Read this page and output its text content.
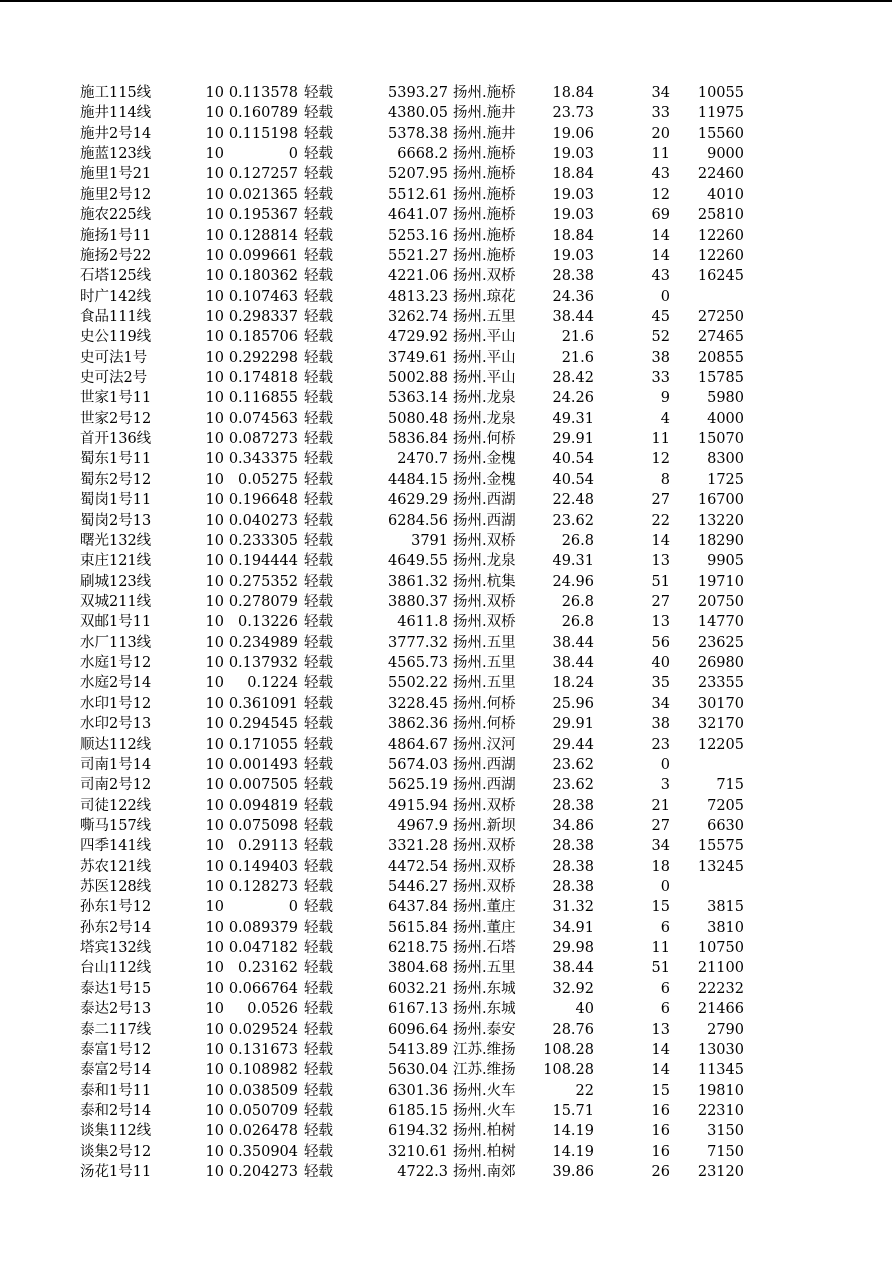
施工115线	10 0.113578 轻载	5393.27 扬州.施桥	18.84	34	10055
施井114线	10 0.160789 轻载	4380.05 扬州.施井	23.73	33	11975
施井2号14	10 0.115198 轻载	5378.38 扬州.施井	19.06	20	15560
施蓝123线	10	0 轻载	6668.2 扬州.施桥	19.03	11	9000
施里1号21	10 0.127257 轻载	5207.95 扬州.施桥	18.84	43	22460
施里2号12	10 0.021365 轻载	5512.61 扬州.施桥	19.03	12	4010
施农225线	10 0.195367 轻载	4641.07 扬州.施桥	19.03	69	25810
施扬1号11	10 0.128814 轻载	5253.16 扬州.施桥	18.84	14	12260
施扬2号22	10 0.099661 轻载	5521.27 扬州.施桥	19.03	14	12260
石塔125线	10 0.180362 轻载	4221.06 扬州.双桥	28.38	43	16245
时广142线	10 0.107463 轻载	4813.23 扬州.琼花	24.36	0
食品111线	10 0.298337 轻载	3262.74 扬州.五里	38.44	45	27250
史公119线	10 0.185706 轻载	4729.92 扬州.平山	21.6	52	27465
史可法1号	10 0.292298 轻载	3749.61 扬州.平山	21.6	38	20855
史可法2号	10 0.174818 轻载	5002.88 扬州.平山	28.42	33	15785
世家1号11	10 0.116855 轻载	5363.14 扬州.龙泉	24.26	9	5980
世家2号12	10 0.074563 轻载	5080.48 扬州.龙泉	49.31	4	4000
首开136线	10 0.087273 轻载	5836.84 扬州.何桥	29.91	11	15070
蜀东1号11	10 0.343375 轻载	2470.7 扬州.金槐	40.54	12	8300
蜀东2号12	10 0.05275 轻载	4484.15 扬州.金槐	40.54	8	1725
蜀岗1号11	10 0.196648 轻载	4629.29 扬州.西湖	22.48	27	16700
蜀岗2号13	10 0.040273 轻载	6284.56 扬州.西湖	23.62	22	13220
曙光132线	10 0.233305 轻载	3791 扬州.双桥	26.8	14	18290
束庄121线	10 0.194444 轻载	4649.55 扬州.龙泉	49.31	13	9905
刷城123线	10 0.275352 轻载	3861.32 扬州.杭集	24.96	51	19710
双城211线	10 0.278079 轻载	3880.37 扬州.双桥	26.8	27	20750
双邮1号11	10 0.13226 轻载	4611.8 扬州.双桥	26.8	13	14770
水厂113线	10 0.234989 轻载	3777.32 扬州.五里	38.44	56	23625
水庭1号12	10 0.137932 轻载	4565.73 扬州.五里	38.44	40	26980
水庭2号14	10	0.1224 轻载	5502.22 扬州.五里	18.24	35	23355
水印1号12	10 0.361091 轻载	3228.45 扬州.何桥	25.96	34	30170
水印2号13	10 0.294545 轻载	3862.36 扬州.何桥	29.91	38	32170
顺达112线	10 0.171055 轻载	4864.67 扬州.汉河	29.44	23	12205
司南1号14	10 0.001493 轻载	5674.03 扬州.西湖	23.62	0
司南2号12	10 0.007505 轻载	5625.19 扬州.西湖	23.62	3	715
司徒122线	10 0.094819 轻载	4915.94 扬州.双桥	28.38	21	7205
嘶马157线	10 0.075098 轻载	4967.9 扬州.新坝	34.86	27	6630
四季141线	10 0.29113 轻载	3321.28 扬州.双桥	28.38	34	15575
苏农121线	10 0.149403 轻载	4472.54 扬州.双桥	28.38	18	13245
苏医128线	10 0.128273 轻载	5446.27 扬州.双桥	28.38	0
孙东1号12	10	0 轻载	6437.84 扬州.董庄	31.32	15	3815
孙东2号14	10 0.089379 轻载	5615.84 扬州.董庄	34.91	6	3810
塔宾132线	10 0.047182 轻载	6218.75 扬州.石塔	29.98	11	10750
台山112线	10 0.23162 轻载	3804.68 扬州.五里	38.44	51	21100
泰达1号15	10 0.066764 轻载	6032.21 扬州.东城	32.92	6	22232
泰达2号13	10	0.0526 轻载	6167.13 扬州.东城	40	6	21466
泰二117线	10 0.029524 轻载	6096.64 扬州.泰安	28.76	13	2790
泰富1号12	10 0.131673 轻载	5413.89 江苏.维扬	108.28	14	13030
泰富2号14	10 0.108982 轻载	5630.04 江苏.维扬	108.28	14	11345
泰和1号11	10 0.038509 轻载	6301.36 扬州.火车	22	15	19810
泰和2号14	10 0.050709 轻载	6185.15 扬州.火车	15.71	16	22310
谈集112线	10 0.026478 轻载	6194.32 扬州.柏树	14.19	16	3150
谈集2号12	10 0.350904 轻载	3210.61 扬州.柏树	14.19	16	7150
汤花1号11	10 0.204273 轻载	4722.3 扬州.南郊	39.86	26	23120
